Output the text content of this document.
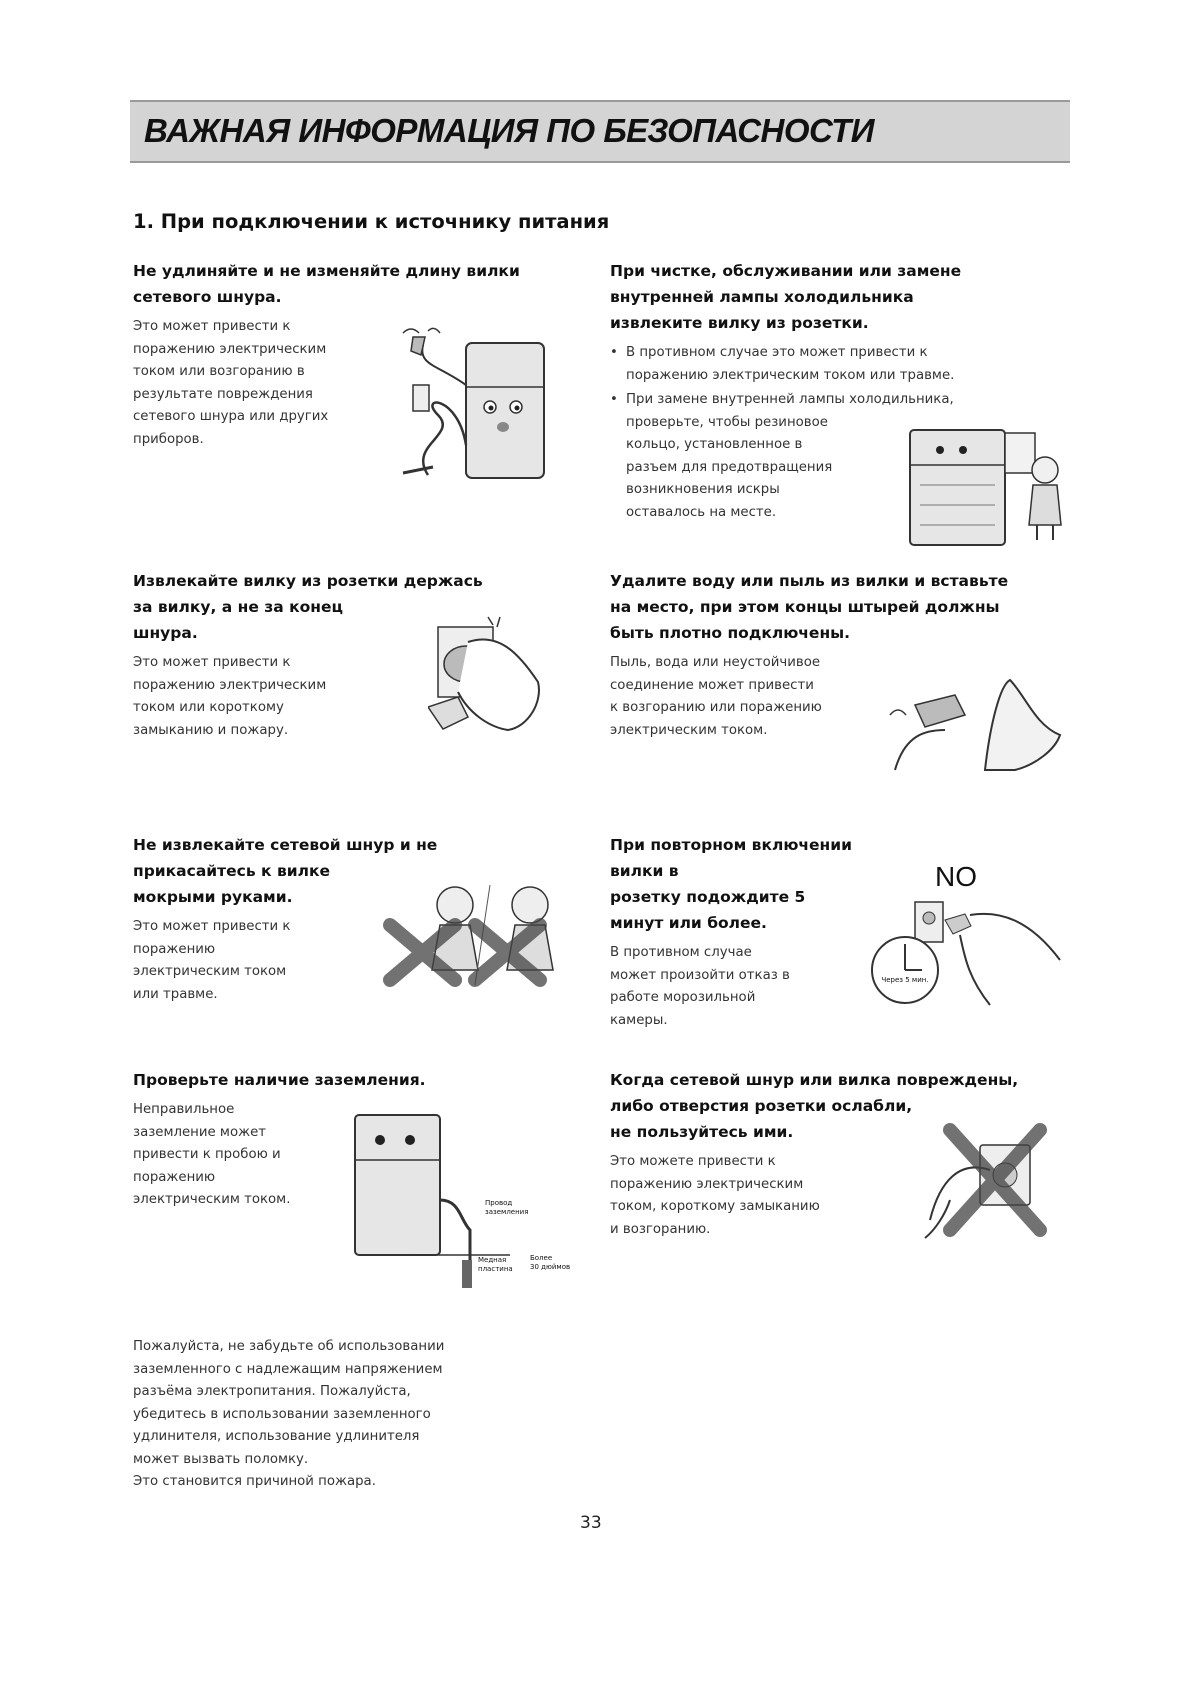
ВАЖНАЯ ИНФОРМАЦИЯ ПО БЕЗОПАСНОСТИ
1. При подключении к источнику питания
Не удлиняйте и не изменяйте длину вилки
сетевого шнура.
Это может привести к
поражению электрическим
током или возгоранию в
результате повреждения
сетевого шнура или других
приборов.
При чистке, обслуживании или замене
внутренней лампы холодильника
извлеките вилку из розетки.
• В противном случае это может привести к
поражению электрическим током или травме.
• При замене внутренней лампы холодильника,
проверьте, чтобы резиновое
кольцо, установленное в
разъем для предотвращения
возникновения искры
оставалось на месте.
Извлекайте вилку из розетки держась
за вилку, а не за конец
шнура.
Это может привести к
поражению электрическим
током или короткому
замыканию и пожару.
Удалите воду или пыль из вилки и вставьте
на место, при этом концы штырей должны
быть плотно подключены.
Пыль, вода или неустойчивое
соединение может привести
к возгоранию или поражению
электрическим током.
Не извлекайте сетевой шнур и не
прикасайтесь к вилке
мокрыми руками.
Это может привести к
поражению
электрическим током
или травме.
При повторном включении вилки в
розетку подождите 5
минут или более.
В противном случае
может произойти отказ в
работе морозильной
камеры.
NO
Через 5 мин.
Проверьте наличие заземления.
Неправильное
заземление может
привести к пробою и
поражению
электрическим током.	Провод заземления
Медная пластина
Более 30 дюймов
Когда сетевой шнур или вилка повреждены,
либо отверстия розетки ослабли,
не пользуйтесь ими.
Это можете привести к
поражению электрическим
током, короткому замыканию
и возгоранию.
Пожалуйста, не забудьте об использовании
заземленного с надлежащим напряжением
разъёма электропитания. Пожалуйста,
убедитесь в использовании заземленного
удлинителя, использование удлинителя
может вызвать поломку.
Это становится причиной пожара.
33
